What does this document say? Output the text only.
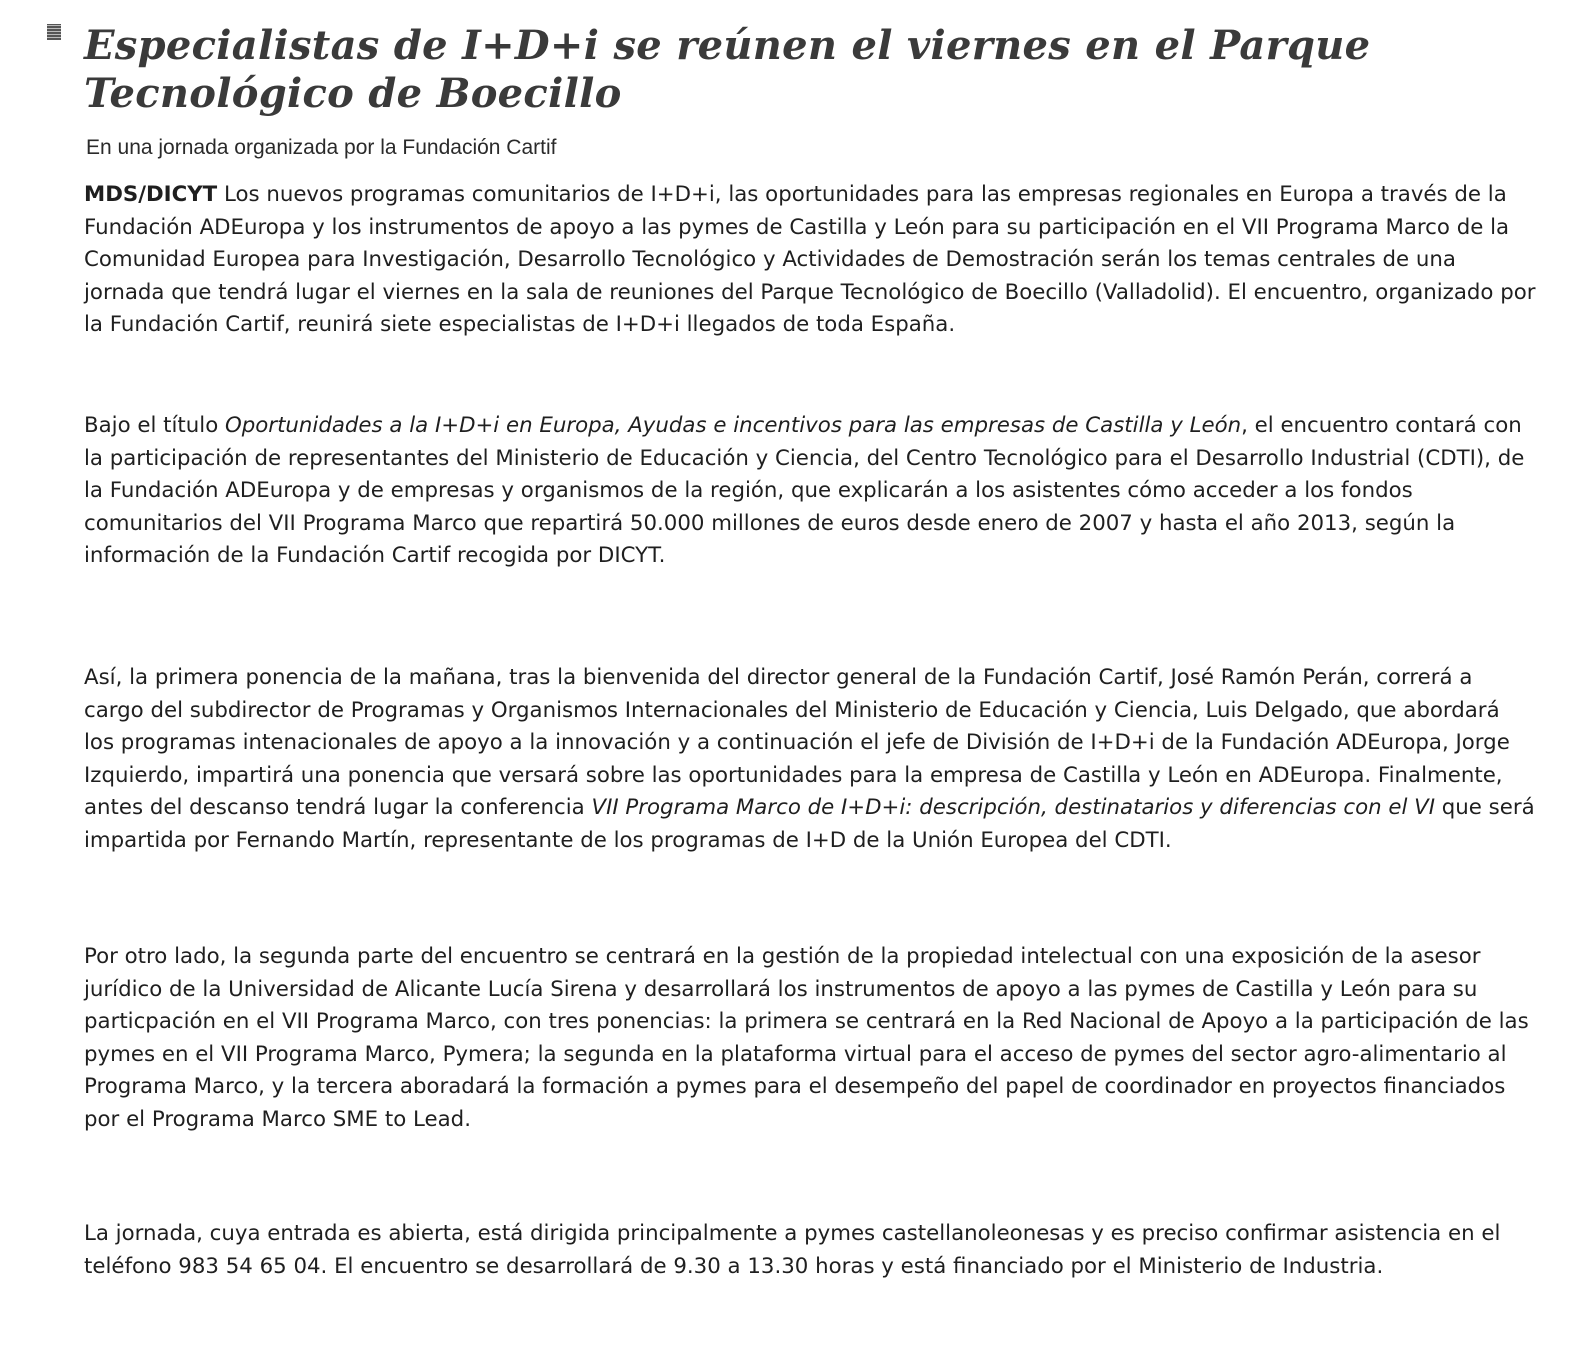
Especialistas de I+D+i se reúnen el viernes en el Parque Tecnológico de Boecillo

En una jornada organizada por la Fundación Cartif

MDS/DICYT Los nuevos programas comunitarios de I+D+i, las oportunidades para las empresas regionales en Europa a través de la Fundación ADEuropa y los instrumentos de apoyo a las pymes de Castilla y León para su participación en el VII Programa Marco de la Comunidad Europea para Investigación, Desarrollo Tecnológico y Actividades de Demostración serán los temas centrales de una jornada que tendrá lugar el viernes en la sala de reuniones del Parque Tecnológico de Boecillo (Valladolid). El encuentro, organizado por la Fundación Cartif, reunirá siete especialistas de I+D+i llegados de toda España.

Bajo el título Oportunidades a la I+D+i en Europa, Ayudas e incentivos para las empresas de Castilla y León, el encuentro contará con la participación de representantes del Ministerio de Educación y Ciencia, del Centro Tecnológico para el Desarrollo Industrial (CDTI), de la Fundación ADEuropa y de empresas y organismos de la región, que explicarán a los asistentes cómo acceder a los fondos comunitarios del VII Programa Marco que repartirá 50.000 millones de euros desde enero de 2007 y hasta el año 2013, según la información de la Fundación Cartif recogida por DICYT.

Así, la primera ponencia de la mañana, tras la bienvenida del director general de la Fundación Cartif, José Ramón Perán, correrá a cargo del subdirector de Programas y Organismos Internacionales del Ministerio de Educación y Ciencia, Luis Delgado, que abordará los programas intenacionales de apoyo a la innovación y a continuación el jefe de División de I+D+i de la Fundación ADEuropa, Jorge Izquierdo, impartirá una ponencia que versará sobre las oportunidades para la empresa de Castilla y León en ADEuropa. Finalmente, antes del descanso tendrá lugar la conferencia VII Programa Marco de I+D+i: descripción, destinatarios y diferencias con el VI que será impartida por Fernando Martín, representante de los programas de I+D de la Unión Europea del CDTI.

Por otro lado, la segunda parte del encuentro se centrará en la gestión de la propiedad intelectual con una exposición de la asesor jurídico de la Universidad de Alicante Lucía Sirena y desarrollará los instrumentos de apoyo a las pymes de Castilla y León para su particpación en el VII Programa Marco, con tres ponencias: la primera se centrará en la Red Nacional de Apoyo a la participación de las pymes en el VII Programa Marco, Pymera; la segunda en la plataforma virtual para el acceso de pymes del sector agro-alimentario al Programa Marco, y la tercera aboradará la formación a pymes para el desempeño del papel de coordinador en proyectos financiados por el Programa Marco SME to Lead.

La jornada, cuya entrada es abierta, está dirigida principalmente a pymes castellanoleonesas y es preciso confirmar asistencia en el teléfono 983 54 65 04. El encuentro se desarrollará de 9.30 a 13.30 horas y está financiado por el Ministerio de Industria.
